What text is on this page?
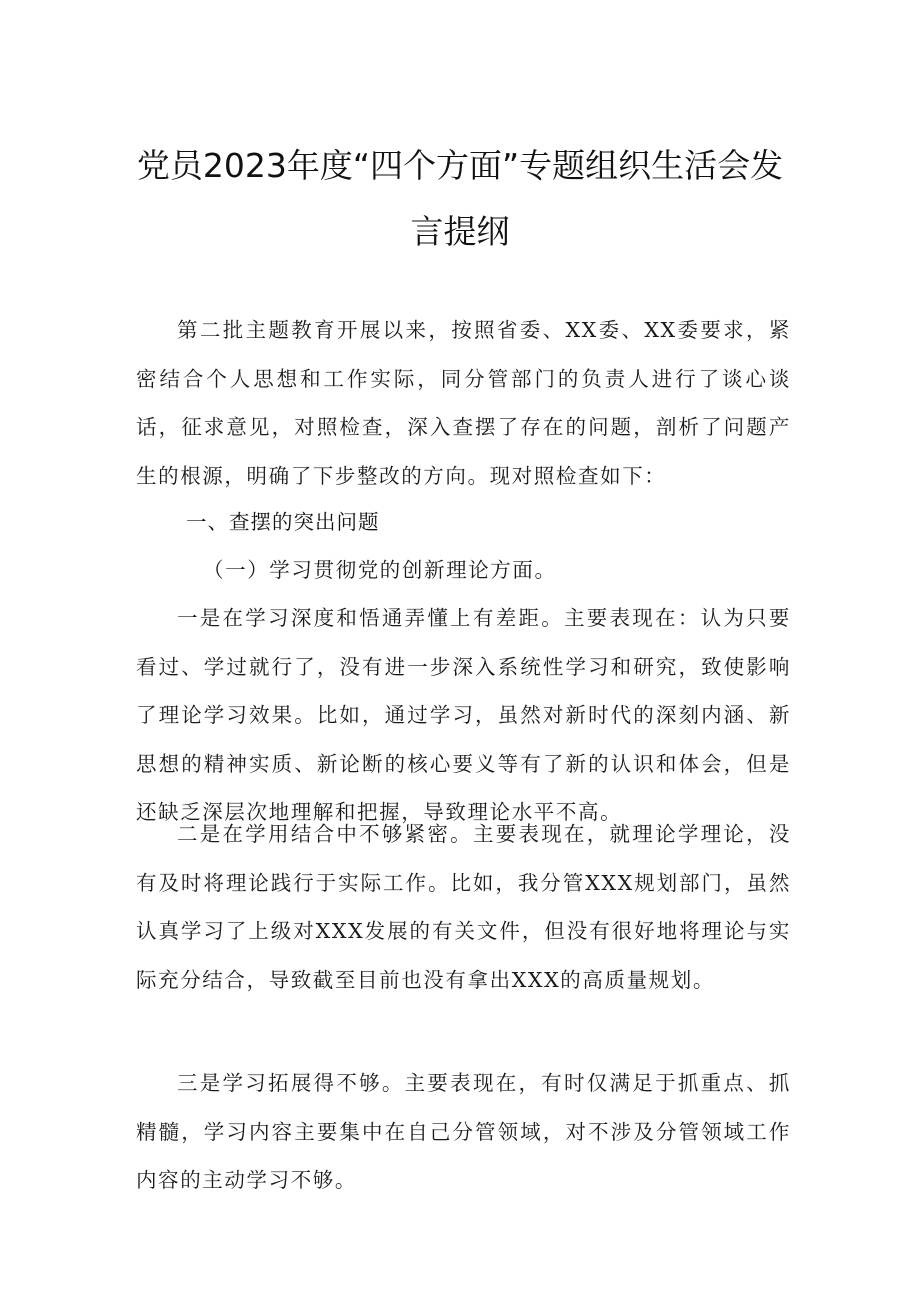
党员2023年度“四个方面”专题组织生活会发
言提纲

第二批主题教育开展以来，按照省委、XX委、XX委要求，紧密结合个人思想和工作实际，同分管部门的负责人进行了谈心谈话，征求意见，对照检查，深入查摆了存在的问题，剖析了问题产生的根源，明确了下步整改的方向。现对照检查如下：

一、查摆的突出问题
（一）学习贯彻党的创新理论方面。

一是在学习深度和悟通弄懂上有差距。主要表现在：认为只要看过、学过就行了，没有进一步深入系统性学习和研究，致使影响了理论学习效果。比如，通过学习，虽然对新时代的深刻内涵、新思想的精神实质、新论断的核心要义等有了新的认识和体会，但是还缺乏深层次地理解和把握，导致理论水平不高。

二是在学用结合中不够紧密。主要表现在，就理论学理论，没有及时将理论践行于实际工作。比如，我分管XXX规划部门，虽然认真学习了上级对XXX发展的有关文件，但没有很好地将理论与实际充分结合，导致截至目前也没有拿出XXX的高质量规划。

三是学习拓展得不够。主要表现在，有时仅满足于抓重点、抓精髓，学习内容主要集中在自己分管领域，对不涉及分管领域工作内容的主动学习不够。
